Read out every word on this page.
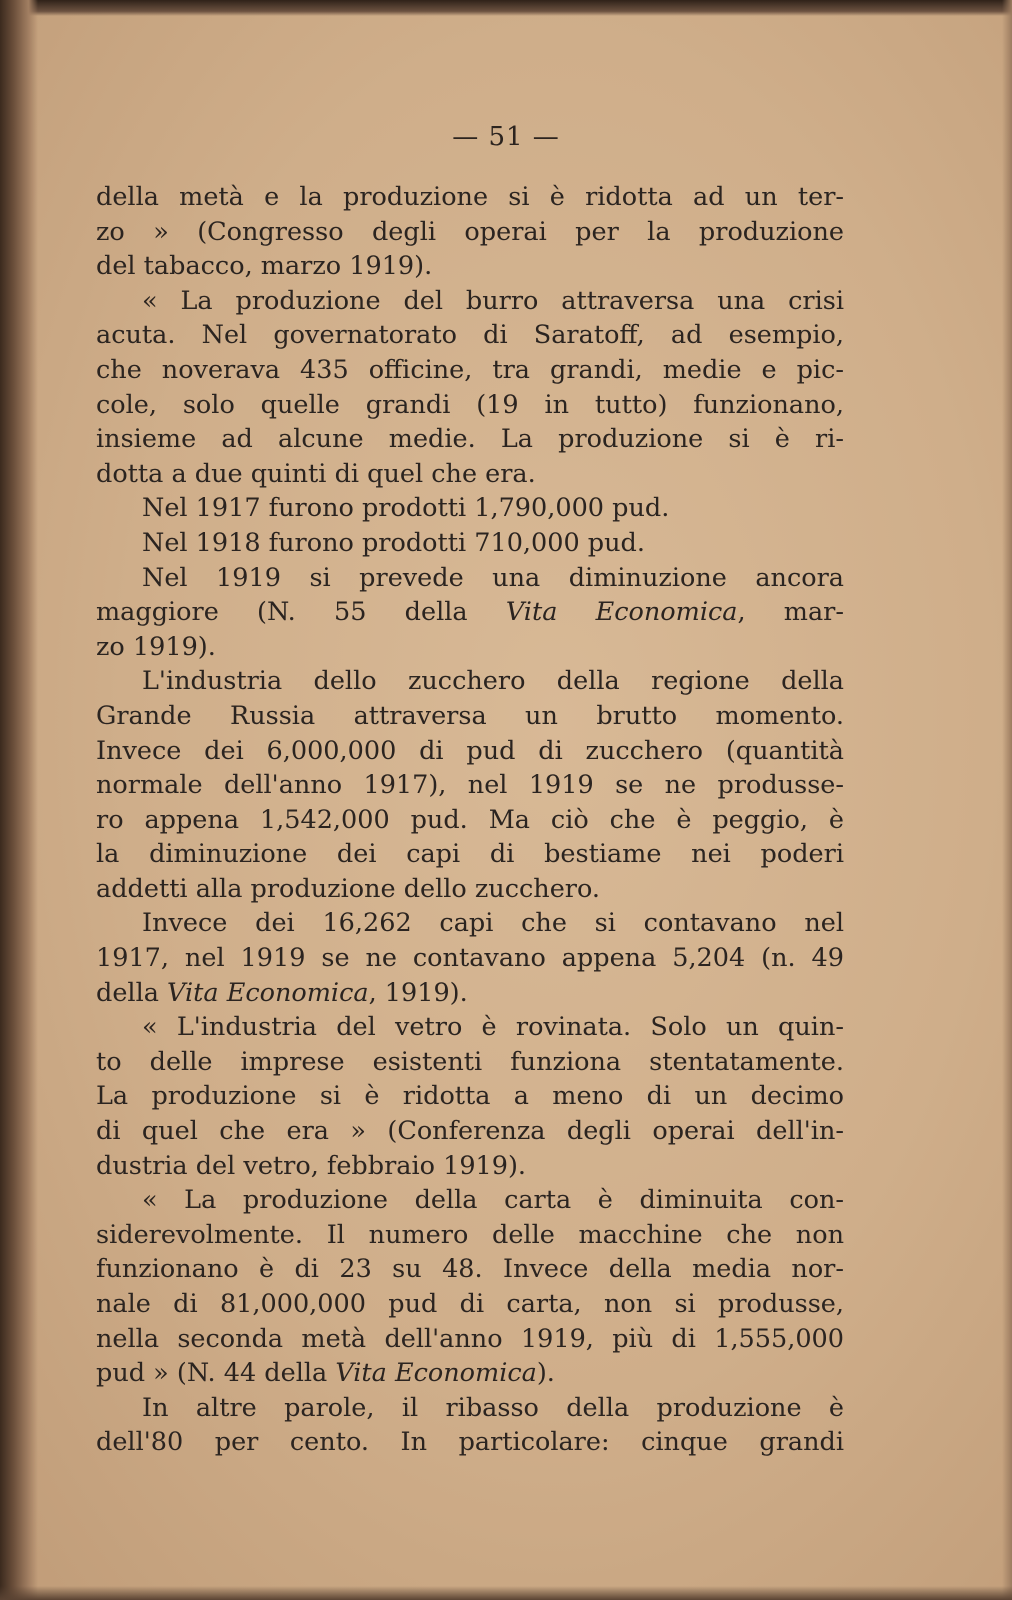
— 51 —
della metà e la produzione si è ridotta ad un ter-
zo » (Congresso degli operai per la produzione
del tabacco, marzo 1919).
« La produzione del burro attraversa una crisi
acuta. Nel governatorato di Saratoff, ad esempio,
che noverava 435 officine, tra grandi, medie e pic-
cole, solo quelle grandi (19 in tutto) funzionano,
insieme ad alcune medie. La produzione si è ri-
dotta a due quinti di quel che era.
Nel 1917 furono prodotti 1,790,000 pud.
Nel 1918 furono prodotti 710,000 pud.
Nel 1919 si prevede una diminuzione ancora
maggiore (N. 55 della Vita Economica, mar-
zo 1919).
L'industria dello zucchero della regione della
Grande Russia attraversa un brutto momento.
Invece dei 6,000,000 di pud di zucchero (quantità
normale dell'anno 1917), nel 1919 se ne produsse-
ro appena 1,542,000 pud. Ma ciò che è peggio, è
la diminuzione dei capi di bestiame nei poderi
addetti alla produzione dello zucchero.
Invece dei 16,262 capi che si contavano nel
1917, nel 1919 se ne contavano appena 5,204 (n. 49
della Vita Economica, 1919).
« L'industria del vetro è rovinata. Solo un quin-
to delle imprese esistenti funziona stentatamente.
La produzione si è ridotta a meno di un decimo
di quel che era » (Conferenza degli operai dell'in-
dustria del vetro, febbraio 1919).
« La produzione della carta è diminuita con-
siderevolmente. Il numero delle macchine che non
funzionano è di 23 su 48. Invece della media nor-
nale di 81,000,000 pud di carta, non si produsse,
nella seconda metà dell'anno 1919, più di 1,555,000
pud » (N. 44 della Vita Economica).
In altre parole, il ribasso della produzione è
dell'80 per cento. In particolare: cinque grandi
